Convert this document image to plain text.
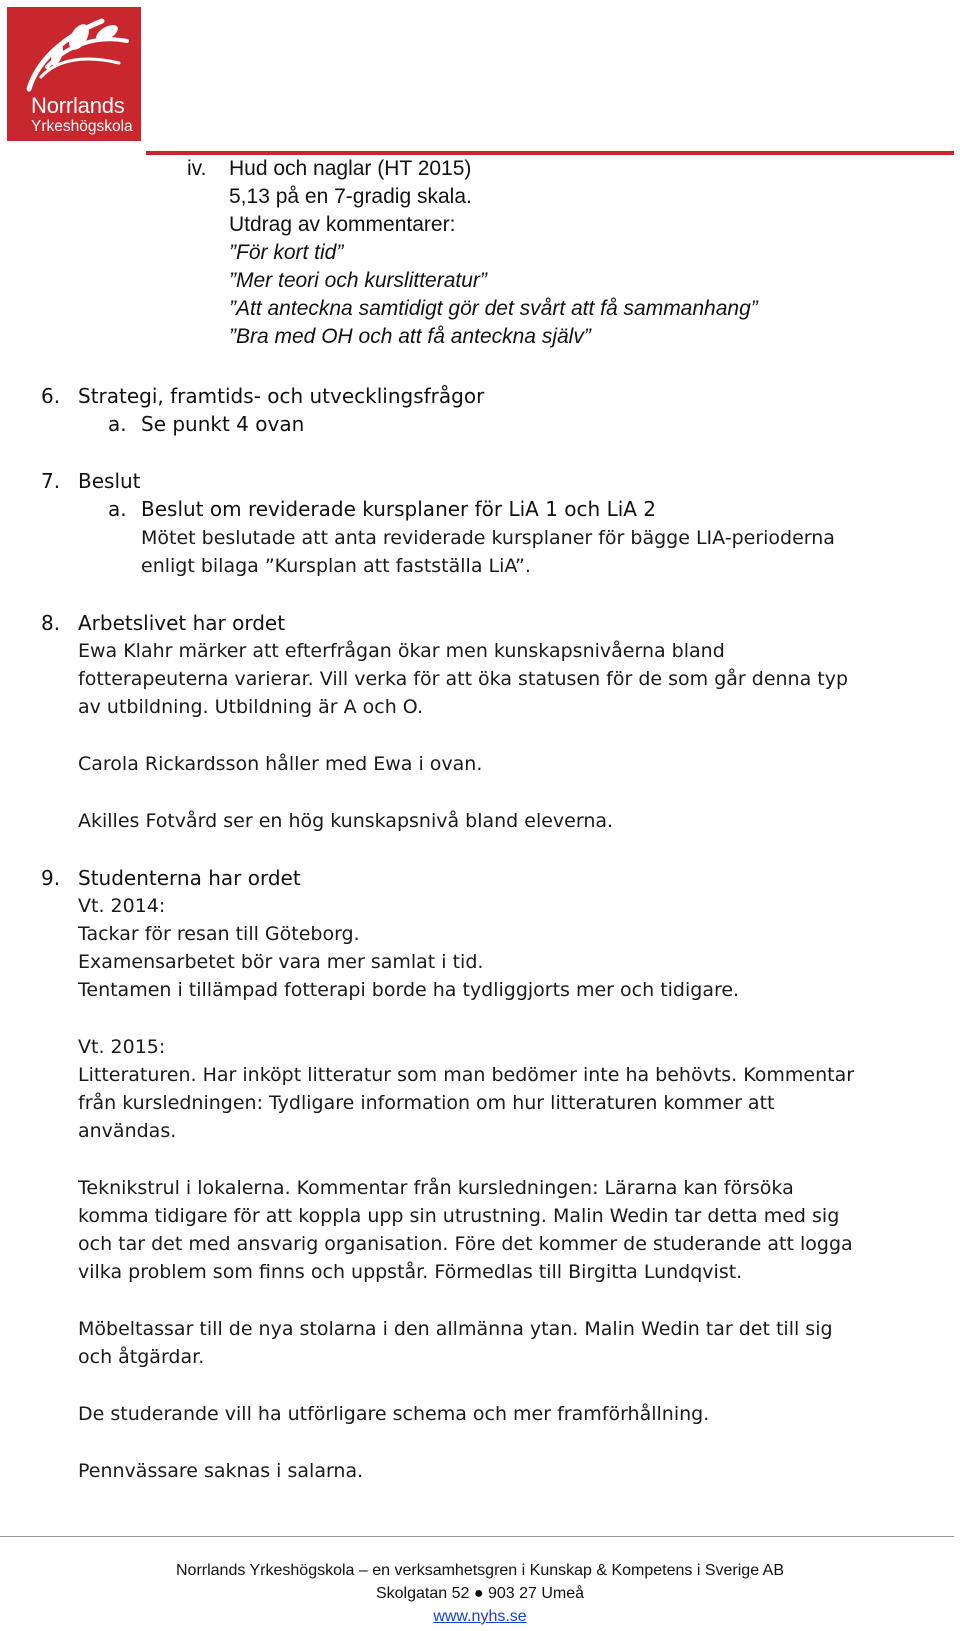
Norrlands
Yrkeshögskola
iv. Hud och naglar (HT 2015)
5,13 på en 7-gradig skala.
Utdrag av kommentarer:
”För kort tid”
”Mer teori och kurslitteratur”
”Att anteckna samtidigt gör det svårt att få sammanhang”
”Bra med OH och att få anteckna själv”
6. Strategi, framtids- och utvecklingsfrågor
a. Se punkt 4 ovan
7. Beslut
a. Beslut om reviderade kursplaner för LiA 1 och LiA 2
Mötet beslutade att anta reviderade kursplaner för bägge LIA-perioderna
enligt bilaga ”Kursplan att fastställa LiA”.
8. Arbetslivet har ordet
Ewa Klahr märker att efterfrågan ökar men kunskapsnivåerna bland
fotterapeuterna varierar. Vill verka för att öka statusen för de som går denna typ
av utbildning. Utbildning är A och O.
Carola Rickardsson håller med Ewa i ovan.
Akilles Fotvård ser en hög kunskapsnivå bland eleverna.
9. Studenterna har ordet
Vt. 2014:
Tackar för resan till Göteborg.
Examensarbetet bör vara mer samlat i tid.
Tentamen i tillämpad fotterapi borde ha tydliggjorts mer och tidigare.
Vt. 2015:
Litteraturen. Har inköpt litteratur som man bedömer inte ha behövts. Kommentar
från kursledningen: Tydligare information om hur litteraturen kommer att
användas.
Teknikstrul i lokalerna. Kommentar från kursledningen: Lärarna kan försöka
komma tidigare för att koppla upp sin utrustning. Malin Wedin tar detta med sig
och tar det med ansvarig organisation. Före det kommer de studerande att logga
vilka problem som finns och uppstår. Förmedlas till Birgitta Lundqvist.
Möbeltassar till de nya stolarna i den allmänna ytan. Malin Wedin tar det till sig
och åtgärdar.
De studerande vill ha utförligare schema och mer framförhållning.
Pennvässare saknas i salarna.
Norrlands Yrkeshögskola – en verksamhetsgren i Kunskap & Kompetens i Sverige AB
Skolgatan 52 ● 903 27 Umeå
www.nyhs.se
